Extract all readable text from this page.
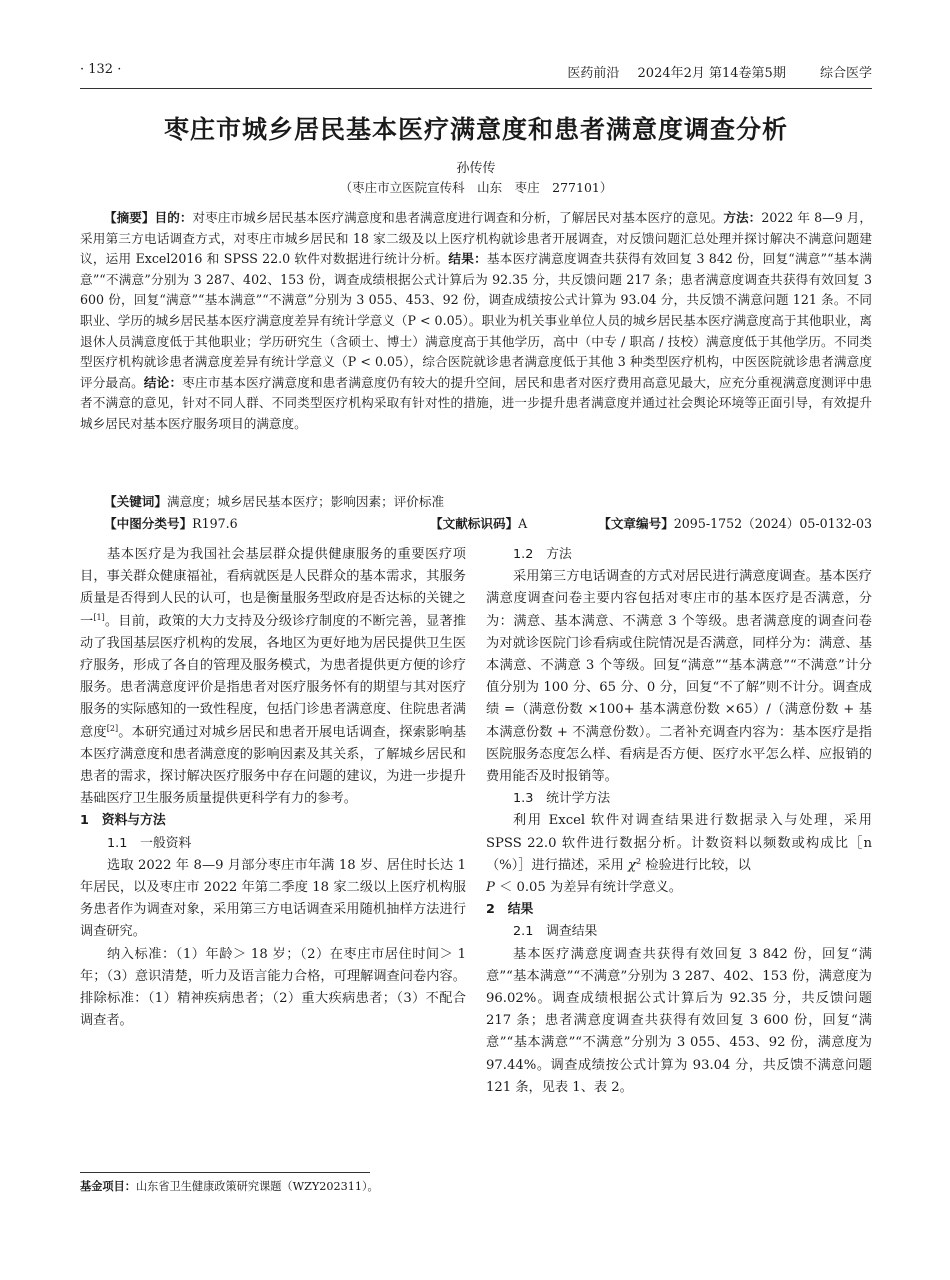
· 132 ·	医药前沿 2024年2月 第14卷第5期	综合医学
枣庄市城乡居民基本医疗满意度和患者满意度调查分析
孙传传
（枣庄市立医院宣传科　山东　枣庄　277101）
【摘要】目的：对枣庄市城乡居民基本医疗满意度和患者满意度进行调查和分析，了解居民对基本医疗的意见。方法：2022 年 8—9 月，采用第三方电话调查方式，对枣庄市城乡居民和 18 家二级及以上医疗机构就诊患者开展调查，对反馈问题汇总处理并探讨解决不满意问题建议，运用 Excel2016 和 SPSS 22.0 软件对数据进行统计分析。结果：基本医疗满意度调查共获得有效回复 3 842 份，回复“满意”“基本满意”“不满意”分别为 3 287、402、153 份，调查成绩根据公式计算后为 92.35 分，共反馈问题 217 条；患者满意度调查共获得有效回复 3 600 份，回复“满意”“基本满意”“不满意”分别为 3 055、453、92 份，调查成绩按公式计算为 93.04 分，共反馈不满意问题 121 条。不同职业、学历的城乡居民基本医疗满意度差异有统计学意义（P < 0.05）。职业为机关事业单位人员的城乡居民基本医疗满意度高于其他职业，离退休人员满意度低于其他职业；学历研究生（含硕士、博士）满意度高于其他学历，高中（中专 / 职高 / 技校）满意度低于其他学历。不同类型医疗机构就诊患者满意度差异有统计学意义（P < 0.05），综合医院就诊患者满意度低于其他 3 种类型医疗机构，中医医院就诊患者满意度评分最高。结论：枣庄市基本医疗满意度和患者满意度仍有较大的提升空间，居民和患者对医疗费用高意见最大，应充分重视满意度测评中患者不满意的意见，针对不同人群、不同类型医疗机构采取有针对性的措施，进一步提升患者满意度并通过社会舆论环境等正面引导，有效提升城乡居民对基本医疗服务项目的满意度。
【关键词】满意度；城乡居民基本医疗；影响因素；评价标准
【中图分类号】R197.6	【文献标识码】A	【文章编号】2095-1752（2024）05-0132-03

基本医疗是为我国社会基层群众提供健康服务的重要医疗项目，事关群众健康福祉，看病就医是人民群众的基本需求，其服务质量是否得到人民的认可，也是衡量服务型政府是否达标的关键之一[1]。目前，政策的大力支持及分级诊疗制度的不断完善，显著推动了我国基层医疗机构的发展，各地区为更好地为居民提供卫生医疗服务，形成了各自的管理及服务模式，为患者提供更方便的诊疗服务。患者满意度评价是指患者对医疗服务怀有的期望与其对医疗服务的实际感知的一致性程度，包括门诊患者满意度、住院患者满意度[2]。本研究通过对城乡居民和患者开展电话调查，探索影响基本医疗满意度和患者满意度的影响因素及其关系，了解城乡居民和患者的需求，探讨解决医疗服务中存在问题的建议，为进一步提升基础医疗卫生服务质量提供更科学有力的参考。

1　资料与方法

1.1　一般资料

选取 2022 年 8—9 月部分枣庄市年满 18 岁、居住时长达 1 年居民，以及枣庄市 2022 年第二季度 18 家二级以上医疗机构服务患者作为调查对象，采用第三方电话调查采用随机抽样方法进行调查研究。

纳入标准：（1）年龄＞ 18 岁；（2）在枣庄市居住时间＞ 1 年；（3）意识清楚，听力及语言能力合格，可理解调查问卷内容。排除标准：（1）精神疾病患者；（2）重大疾病患者；（3）不配合调查者。

1.2　方法

采用第三方电话调查的方式对居民进行满意度调查。基本医疗满意度调查问卷主要内容包括对枣庄市的基本医疗是否满意，分为：满意、基本满意、不满意 3 个等级。患者满意度的调查问卷为对就诊医院门诊看病或住院情况是否满意，同样分为：满意、基本满意、不满意 3 个等级。回复“满意”“基本满意”“不满意”计分值分别为 100 分、65 分、0 分，回复“不了解”则不计分。调查成绩 =（满意份数 ×100+ 基本满意份数 ×65）/（满意份数 + 基本满意份数 + 不满意份数）。二者补充调查内容为：基本医疗是指医院服务态度怎么样、看病是否方便、医疗水平怎么样、应报销的费用能否及时报销等。

1.3　统计学方法

利用 Excel 软件对调查结果进行数据录入与处理，采用 SPSS 22.0 软件进行数据分析。计数资料以频数或构成比［n（%）］进行描述，采用 $\chi^2$ 检验进行比较，以
P ＜ 0.05 为差异有统计学意义。

2　结果

2.1　调查结果

基本医疗满意度调查共获得有效回复 3 842 份，回复“满意”“基本满意”“不满意”分别为 3 287、402、153 份，满意度为 96.02%。调查成绩根据公式计算后为 92.35 分，共反馈问题 217 条；患者满意度调查共获得有效回复 3 600 份，回复“满意”“基本满意”“不满意”分别为 3 055、453、92 份，满意度为 97.44%。调查成绩按公式计算为 93.04 分，共反馈不满意问题 121 条，见表 1、表 2。

基金项目：山东省卫生健康政策研究课题（WZY202311）。
